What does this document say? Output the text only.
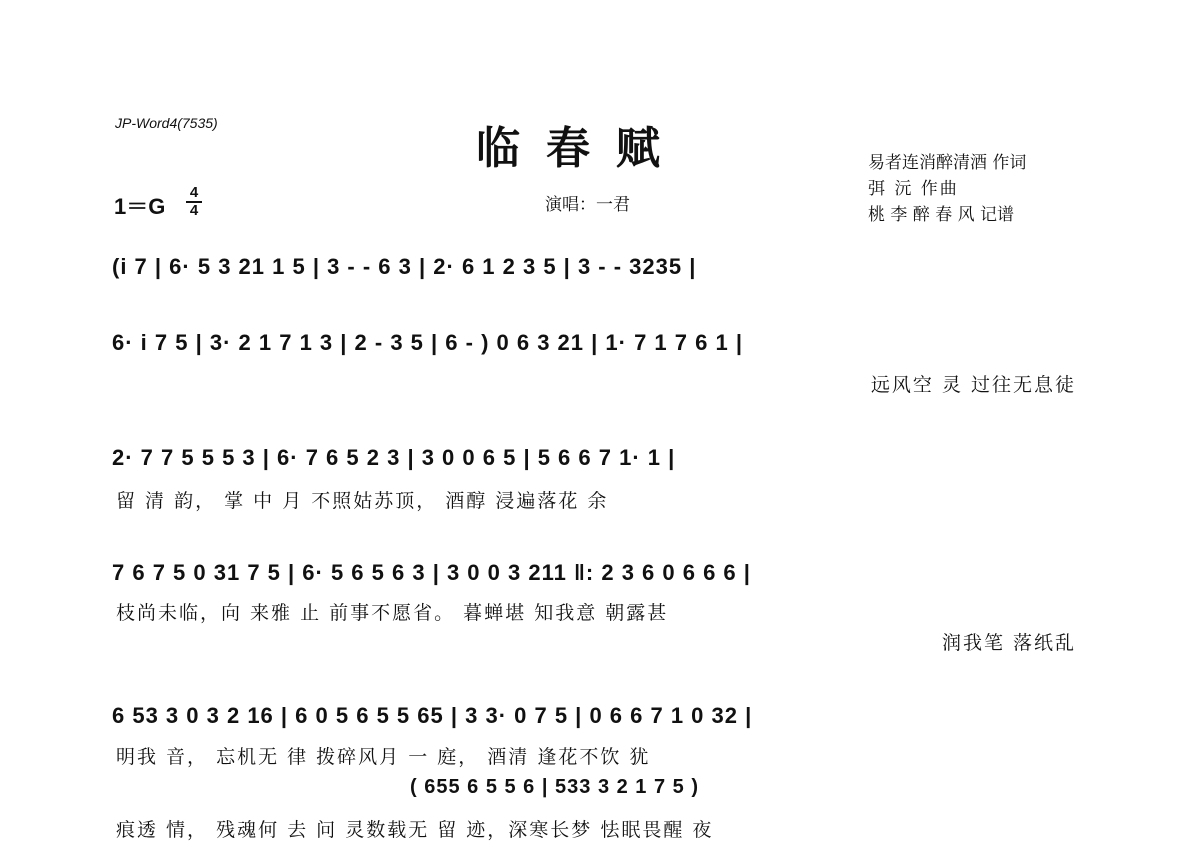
JP-Word4(7535)	临春赋
演唱：一君
易者连消醉清酒 作词
弭 沅 作曲
桃 李 醉 春 风 记谱
1＝G
4
4
(i 7 | 6· 5 3 21 1 5 | 3 - - 6 3 | 2· 6 1 2 3 5 | 3 - - 3235 |
6· i 7 5 | 3· 2 1 7 1 3 | 2 - 3 5 | 6 - ) 0 6 3 21 | 1· 7 1 7 6 1 |
远风空 灵 过往无息徒
2· 7 7 5 5 5 3 | 6· 7 6 5 2 3 | 3 0 0 6 5 | 5 6 6 7 1· 1 |
留 清 韵， 掌 中 月 不照姑苏顶， 酒醇 浸遍落花 余
7 6 7 5 0 31 7 5 | 6· 5 6 5 6 3 | 3 0 0 3 211 ‖: 2 3 6 0 6 6 6 |
枝尚未临，向 来雅 止 前事不愿省。 暮蝉堪 知我意 朝露甚
润我笔 落纸乱
6 53 3 0 3 2 16 | 6 0 5 6 5 5 65 | 3 3· 0 7 5 | 0 6 6 7 1 0 32 |
明我 音， 忘机无 律 拨碎风月 一 庭， 酒清 逢花不饮 犹
( 655 6 5 5 6 | 533 3 2 1 7 5 )
痕透 情， 残魂何 去 问 灵数载无 留 迹，深寒长梦 怯眠畏醒 夜
